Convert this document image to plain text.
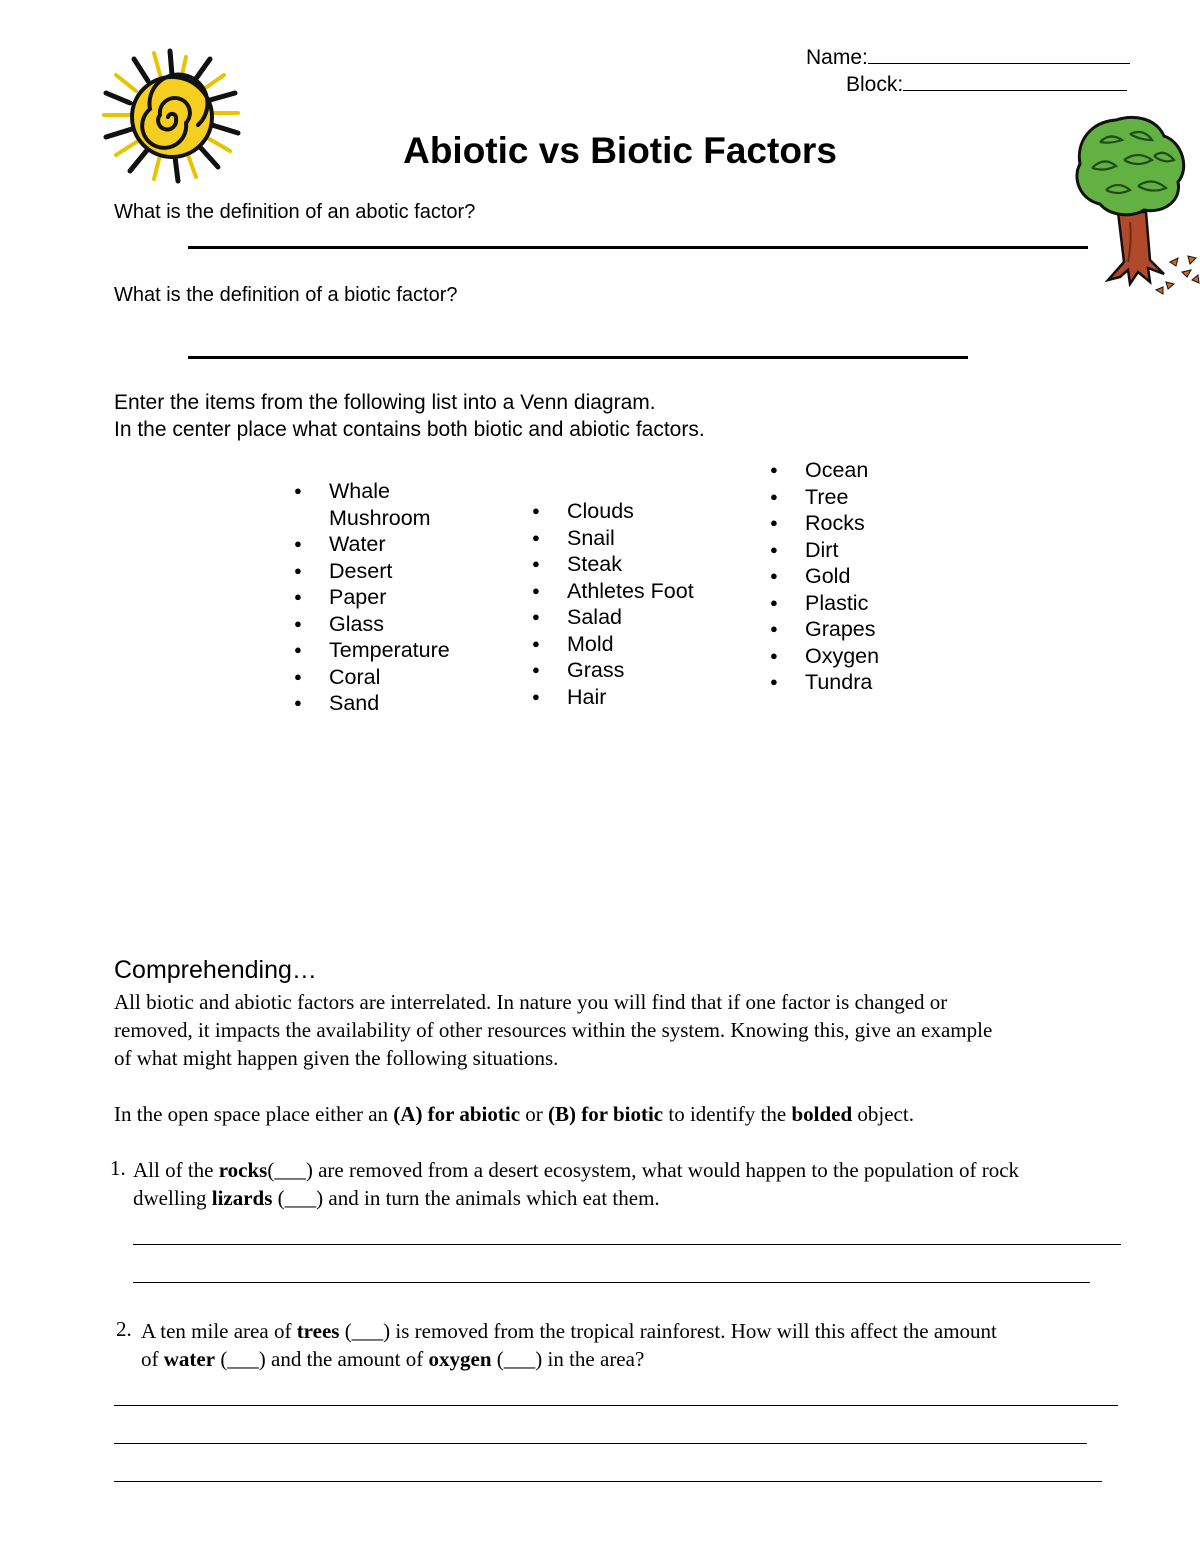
Name:
Block:
Abiotic vs Biotic Factors
What is the definition of an abotic factor?
What is the definition of a biotic factor?
Enter the items from the following list into a Venn diagram.
In the center place what contains both biotic and abiotic factors.
● Whale
Mushroom
● Water
● Desert
● Paper
● Glass
● Temperature
● Coral
● Sand
● Clouds
● Snail
● Steak
● Athletes Foot
● Salad
● Mold
● Grass
● Hair
● Ocean
● Tree
● Rocks
● Dirt
● Gold
● Plastic
● Grapes
● Oxygen
● Tundra
Comprehending…
All biotic and abiotic factors are interrelated. In nature you will find that if one factor is changed or
removed, it impacts the availability of other resources within the system. Knowing this, give an example
of what might happen given the following situations.
In the open space place either an (A) for abiotic or (B) for biotic to identify the bolded object.
1. All of the rocks(___) are removed from a desert ecosystem, what would happen to the population of rock
dwelling lizards (___) and in turn the animals which eat them.
2. A ten mile area of trees (___) is removed from the tropical rainforest. How will this affect the amount
of water (___) and the amount of oxygen (___) in the area?
